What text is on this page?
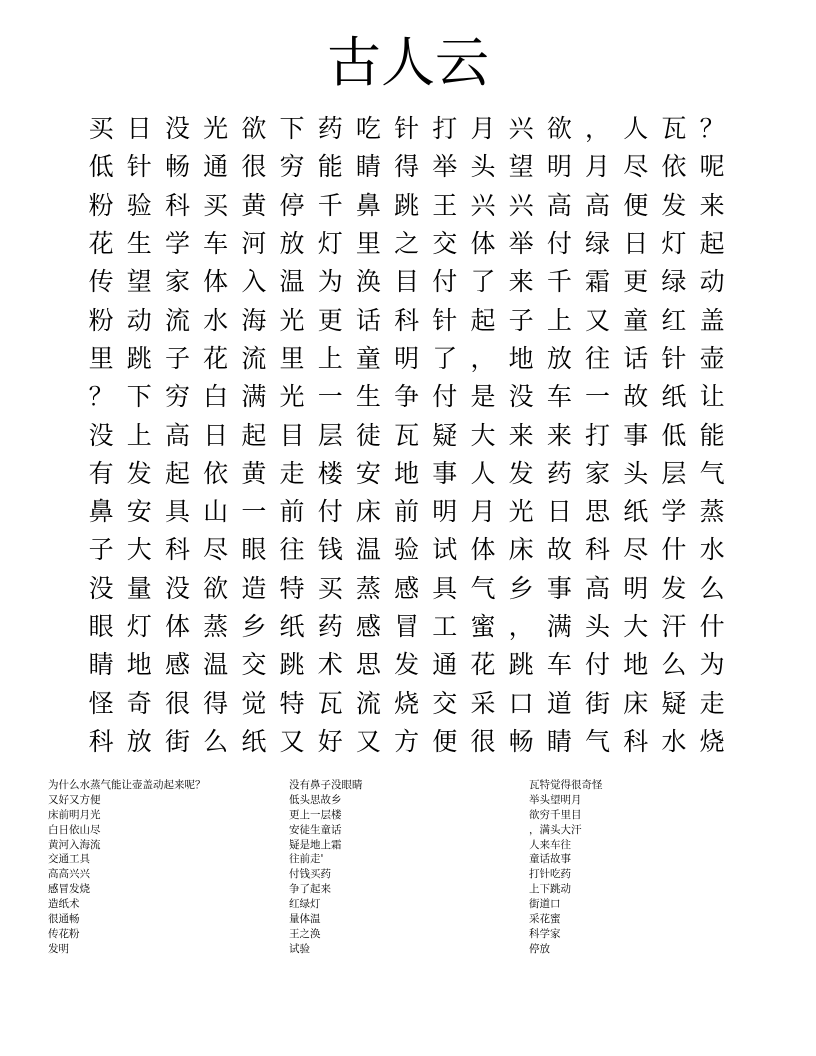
古人云
买 日 没 光 欲 下 药 吃 针 打 月 兴 欲 ， 人 瓦 ？
低 针 畅 通 很 穷 能 睛 得 举 头 望 明 月 尽 依 呢
粉 验 科 买 黄 停 千 鼻 跳 王 兴 兴 高 高 便 发 来
花 生 学 车 河 放 灯 里 之 交 体 举 付 绿 日 灯 起
传 望 家 体 入 温 为 涣 目 付 了 来 千 霜 更 绿 动
粉 动 流 水 海 光 更 话 科 针 起 子 上 又 童 红 盖
里 跳 子 花 流 里 上 童 明 了 ， 地 放 往 话 针 壶
？ 下 穷 白 满 光 一 生 争 付 是 没 车 一 故 纸 让
没 上 高 日 起 目 层 徒 瓦 疑 大 来 来 打 事 低 能
有 发 起 依 黄 走 楼 安 地 事 人 发 药 家 头 层 气
鼻 安 具 山 一 前 付 床 前 明 月 光 日 思 纸 学 蒸
子 大 科 尽 眼 往 钱 温 验 试 体 床 故 科 尽 什 水
没 量 没 欲 造 特 买 蒸 感 具 气 乡 事 高 明 发 么
眼 灯 体 蒸 乡 纸 药 感 冒 工 蜜 ， 满 头 大 汗 什
睛 地 感 温 交 跳 术 思 发 通 花 跳 车 付 地 么 为
怪 奇 很 得 觉 特 瓦 流 烧 交 采 口 道 街 床 疑 走
科 放 街 么 纸 又 好 又 方 便 很 畅 睛 气 科 水 烧
为什么水蒸气能让壶盖动起来呢？
又好又方便
床前明月光
白日依山尽
黄河入海流
交通工具
高高兴兴
感冒发烧
造纸术
很通畅
传花粉
发明
没有鼻子没眼睛
低头思故乡
更上一层楼
安徒生童话
疑是地上霜
往前走'
付钱买药
争了起来
红绿灯
量体温
王之涣
试验
瓦特觉得很奇怪
举头望明月
欲穷千里目
，满头大汗
人来车往
童话故事
打针吃药
上下跳动
街道口
采花蜜
科学家
停放
